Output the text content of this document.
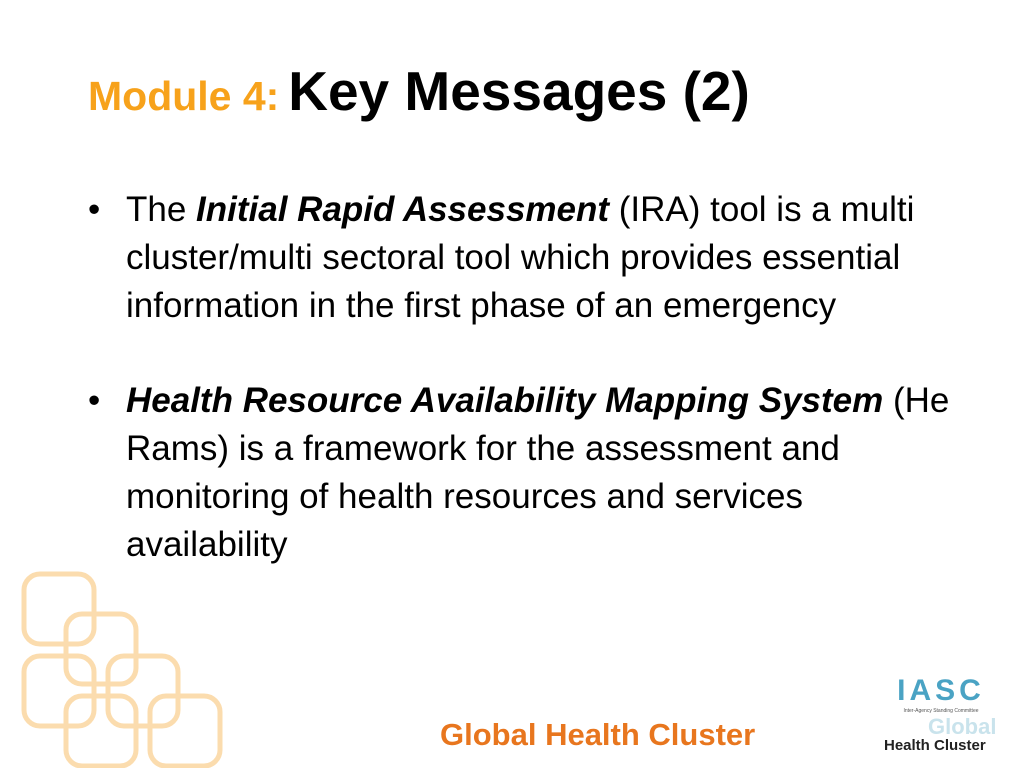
Module 4: Key Messages (2)
• The Initial Rapid Assessment (IRA) tool is a multi cluster/multi sectoral tool which provides essential information in the first phase of an emergency
• Health Resource Availability Mapping System (He Rams) is a framework for the assessment and monitoring of health resources and services availability
Global Health Cluster
IASC
Inter-Agency Standing Committee
Global
Health Cluster
